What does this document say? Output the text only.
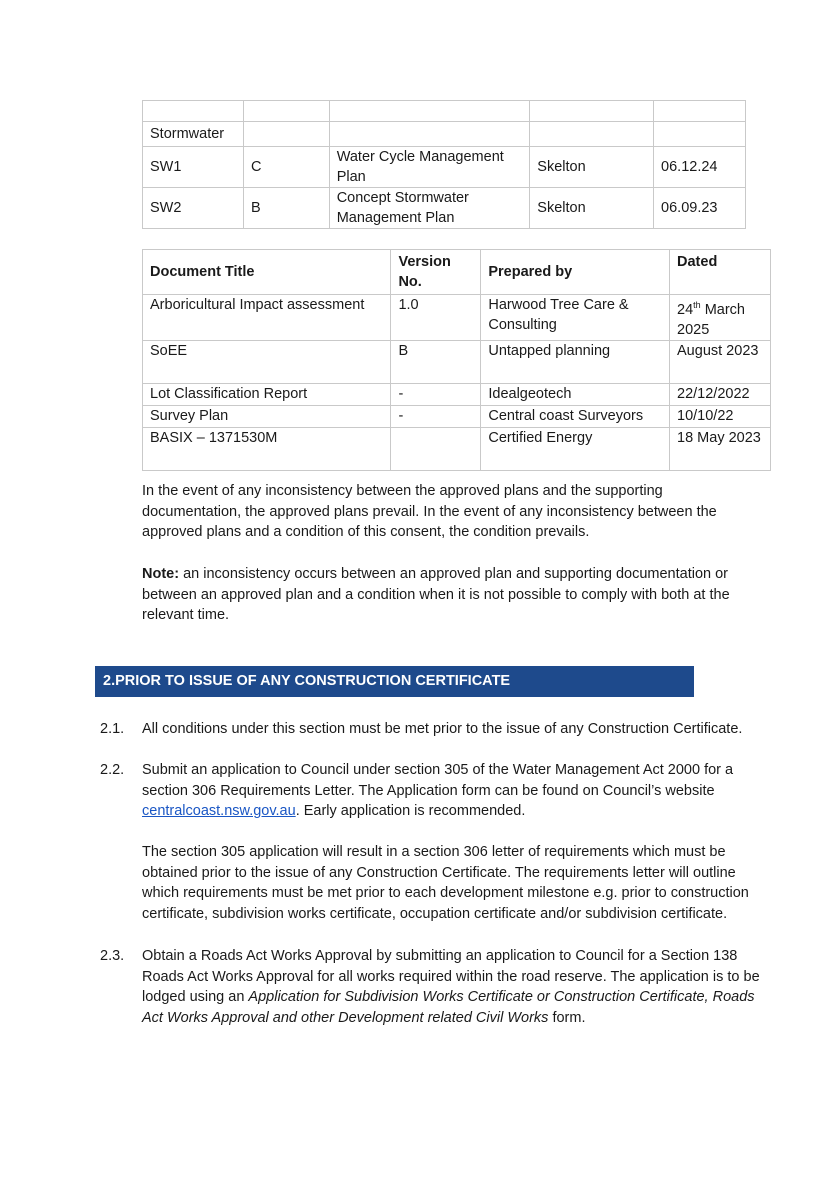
Stormwater				
SW1	C	Water Cycle Management Plan	Skelton	06.12.24
SW2	B	Concept Stormwater Management Plan	Skelton	06.09.23
Document Title	Version No.	Prepared by	Dated
Arboricultural Impact assessment	1.0	Harwood Tree Care & Consulting	24th March 2025
SoEE	B	Untapped planning	August 2023
Lot Classification Report	-	Idealgeotech	22/12/2022
Survey Plan	-	Central coast Surveyors	10/10/22
BASIX – 1371530M		Certified Energy	18 May 2023

In the event of any inconsistency between the approved plans and the supporting documentation, the approved plans prevail. In the event of any inconsistency between the approved plans and a condition of this consent, the condition prevails.

Note: an inconsistency occurs between an approved plan and supporting documentation or between an approved plan and a condition when it is not possible to comply with both at the relevant time.

2.PRIOR TO ISSUE OF ANY CONSTRUCTION CERTIFICATE
2.1.	All conditions under this section must be met prior to the issue of any Construction Certificate.
2.2.	Submit an application to Council under section 305 of the Water Management Act 2000 for a section 306 Requirements Letter. The Application form can be found on Council’s website centralcoast.nsw.gov.au. Early application is recommended.
The section 305 application will result in a section 306 letter of requirements which must be obtained prior to the issue of any Construction Certificate. The requirements letter will outline which requirements must be met prior to each development milestone e.g. prior to construction certificate, subdivision works certificate, occupation certificate and/or subdivision certificate.
2.3.	Obtain a Roads Act Works Approval by submitting an application to Council for a Section 138 Roads Act Works Approval for all works required within the road reserve. The application is to be lodged using an Application for Subdivision Works Certificate or Construction Certificate, Roads Act Works Approval and other Development related Civil Works form.
